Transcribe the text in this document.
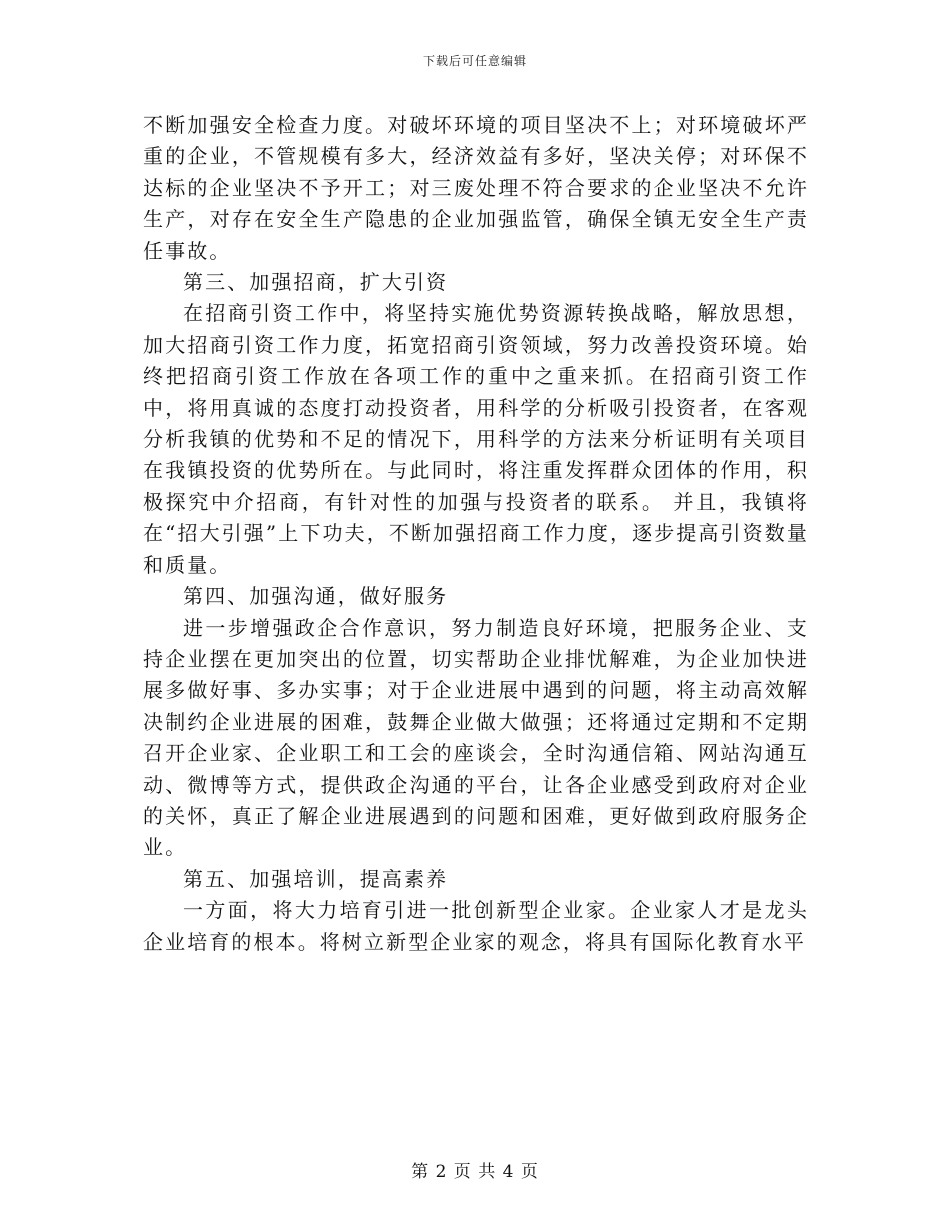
下载后可任意编辑

不断加强安全检查力度。对破坏环境的项目坚决不上；对环境破坏严重的企业，不管规模有多大，经济效益有多好，坚决关停；对环保不达标的企业坚决不予开工；对三废处理不符合要求的企业坚决不允许生产，对存在安全生产隐患的企业加强监管，确保全镇无安全生产责任事故。

第三、加强招商，扩大引资

在招商引资工作中，将坚持实施优势资源转换战略，解放思想，加大招商引资工作力度，拓宽招商引资领域，努力改善投资环境。始终把招商引资工作放在各项工作的重中之重来抓。在招商引资工作中，将用真诚的态度打动投资者，用科学的分析吸引投资者，在客观分析我镇的优势和不足的情况下，用科学的方法来分析证明有关项目在我镇投资的优势所在。与此同时，将注重发挥群众团体的作用，积极探究中介招商，有针对性的加强与投资者的联系。 并且，我镇将在“招大引强”上下功夫，不断加强招商工作力度，逐步提高引资数量和质量。

第四、加强沟通，做好服务

进一步增强政企合作意识，努力制造良好环境，把服务企业、支持企业摆在更加突出的位置，切实帮助企业排忧解难，为企业加快进展多做好事、多办实事；对于企业进展中遇到的问题，将主动高效解决制约企业进展的困难，鼓舞企业做大做强；还将通过定期和不定期召开企业家、企业职工和工会的座谈会，全时沟通信箱、网站沟通互动、微博等方式，提供政企沟通的平台，让各企业感受到政府对企业的关怀，真正了解企业进展遇到的问题和困难，更好做到政府服务企业。

第五、加强培训，提高素养

一方面，将大力培育引进一批创新型企业家。企业家人才是龙头企业培育的根本。将树立新型企业家的观念，将具有国际化教育水平

第 2 页 共 4 页
